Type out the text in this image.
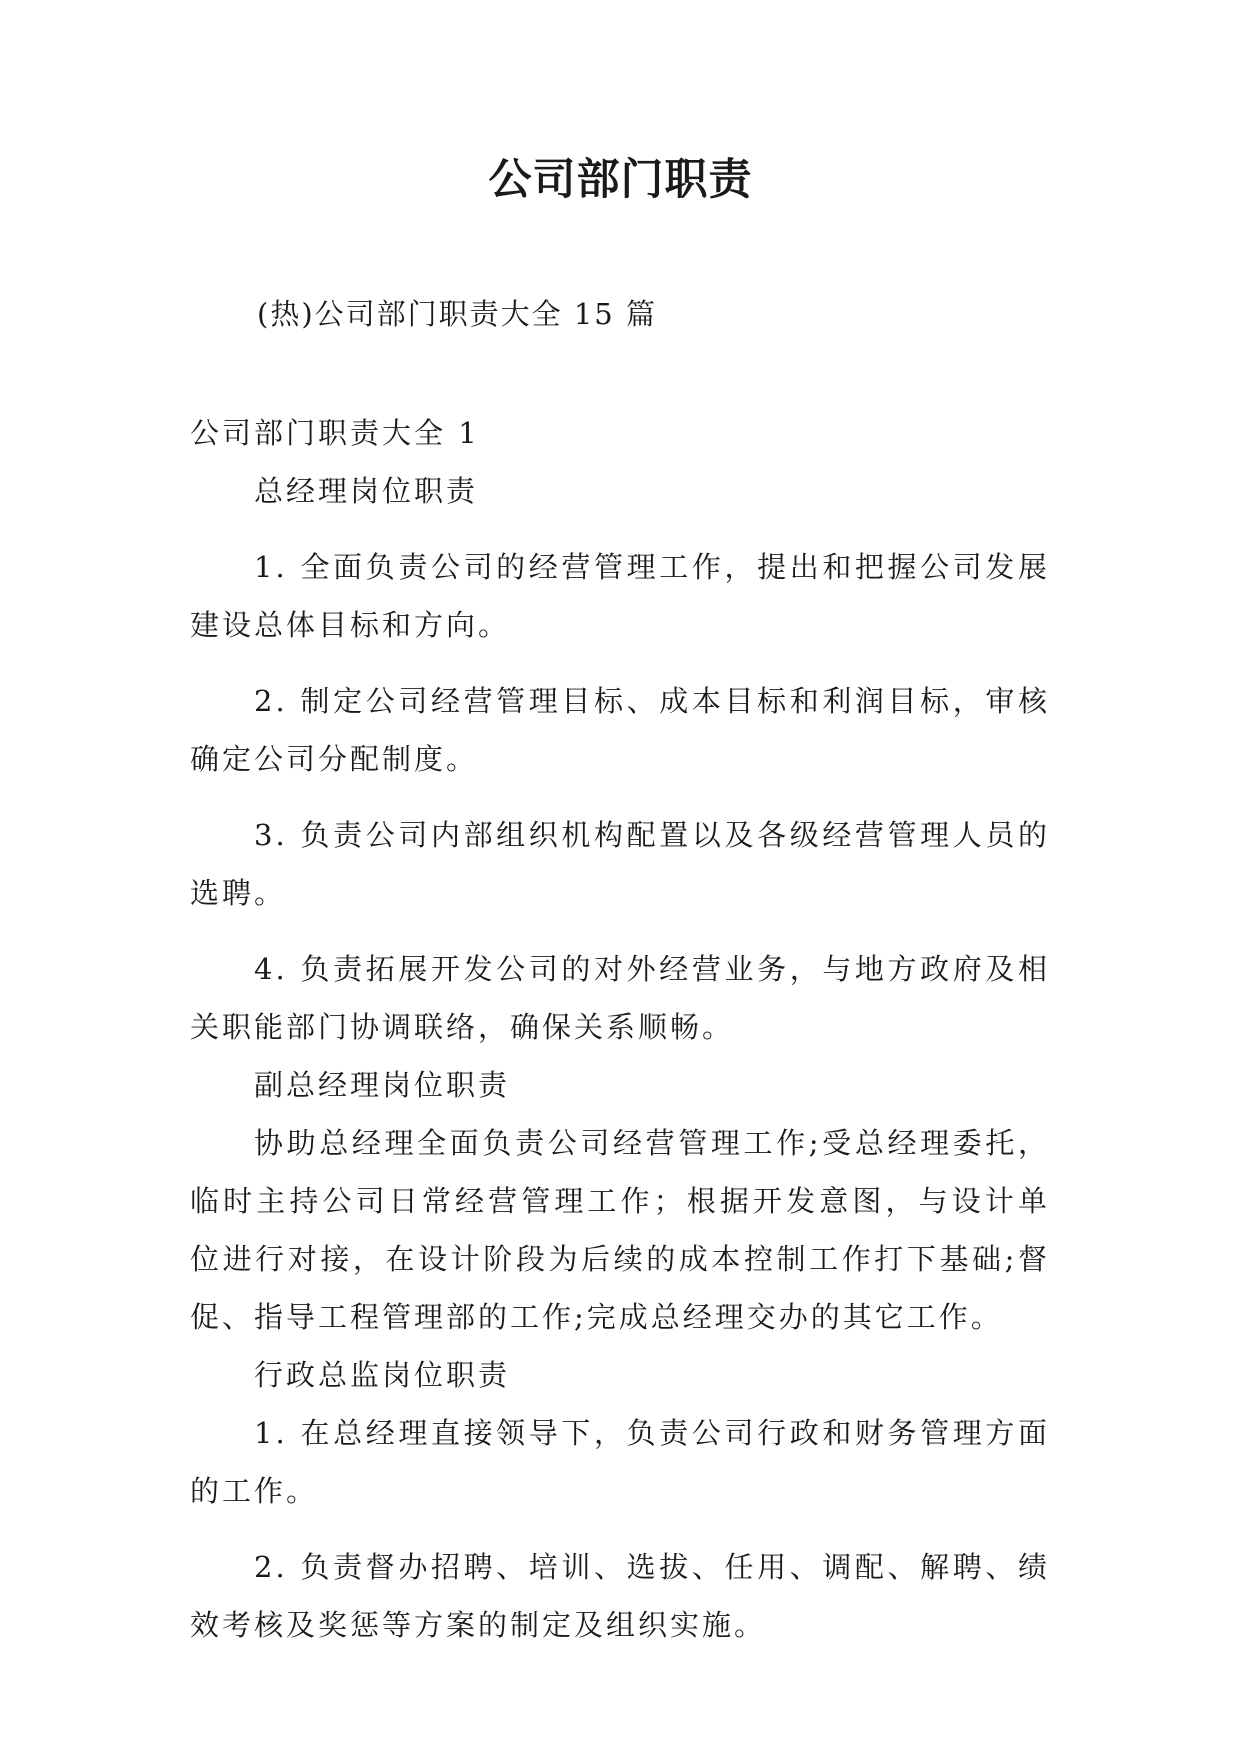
公司部门职责
(热)公司部门职责大全 15 篇

公司部门职责大全 1

总经理岗位职责

1. 全面负责公司的经营管理工作，提出和把握公司发展建设总体目标和方向。

2. 制定公司经营管理目标、成本目标和利润目标，审核确定公司分配制度。

3. 负责公司内部组织机构配置以及各级经营管理人员的选聘。

4. 负责拓展开发公司的对外经营业务，与地方政府及相关职能部门协调联络，确保关系顺畅。

副总经理岗位职责

协助总经理全面负责公司经营管理工作;受总经理委托，临时主持公司日常经营管理工作；根据开发意图，与设计单位进行对接，在设计阶段为后续的成本控制工作打下基础;督促、指导工程管理部的工作;完成总经理交办的其它工作。

行政总监岗位职责

1. 在总经理直接领导下，负责公司行政和财务管理方面的工作。

2. 负责督办招聘、培训、选拔、任用、调配、解聘、绩效考核及奖惩等方案的制定及组织实施。
